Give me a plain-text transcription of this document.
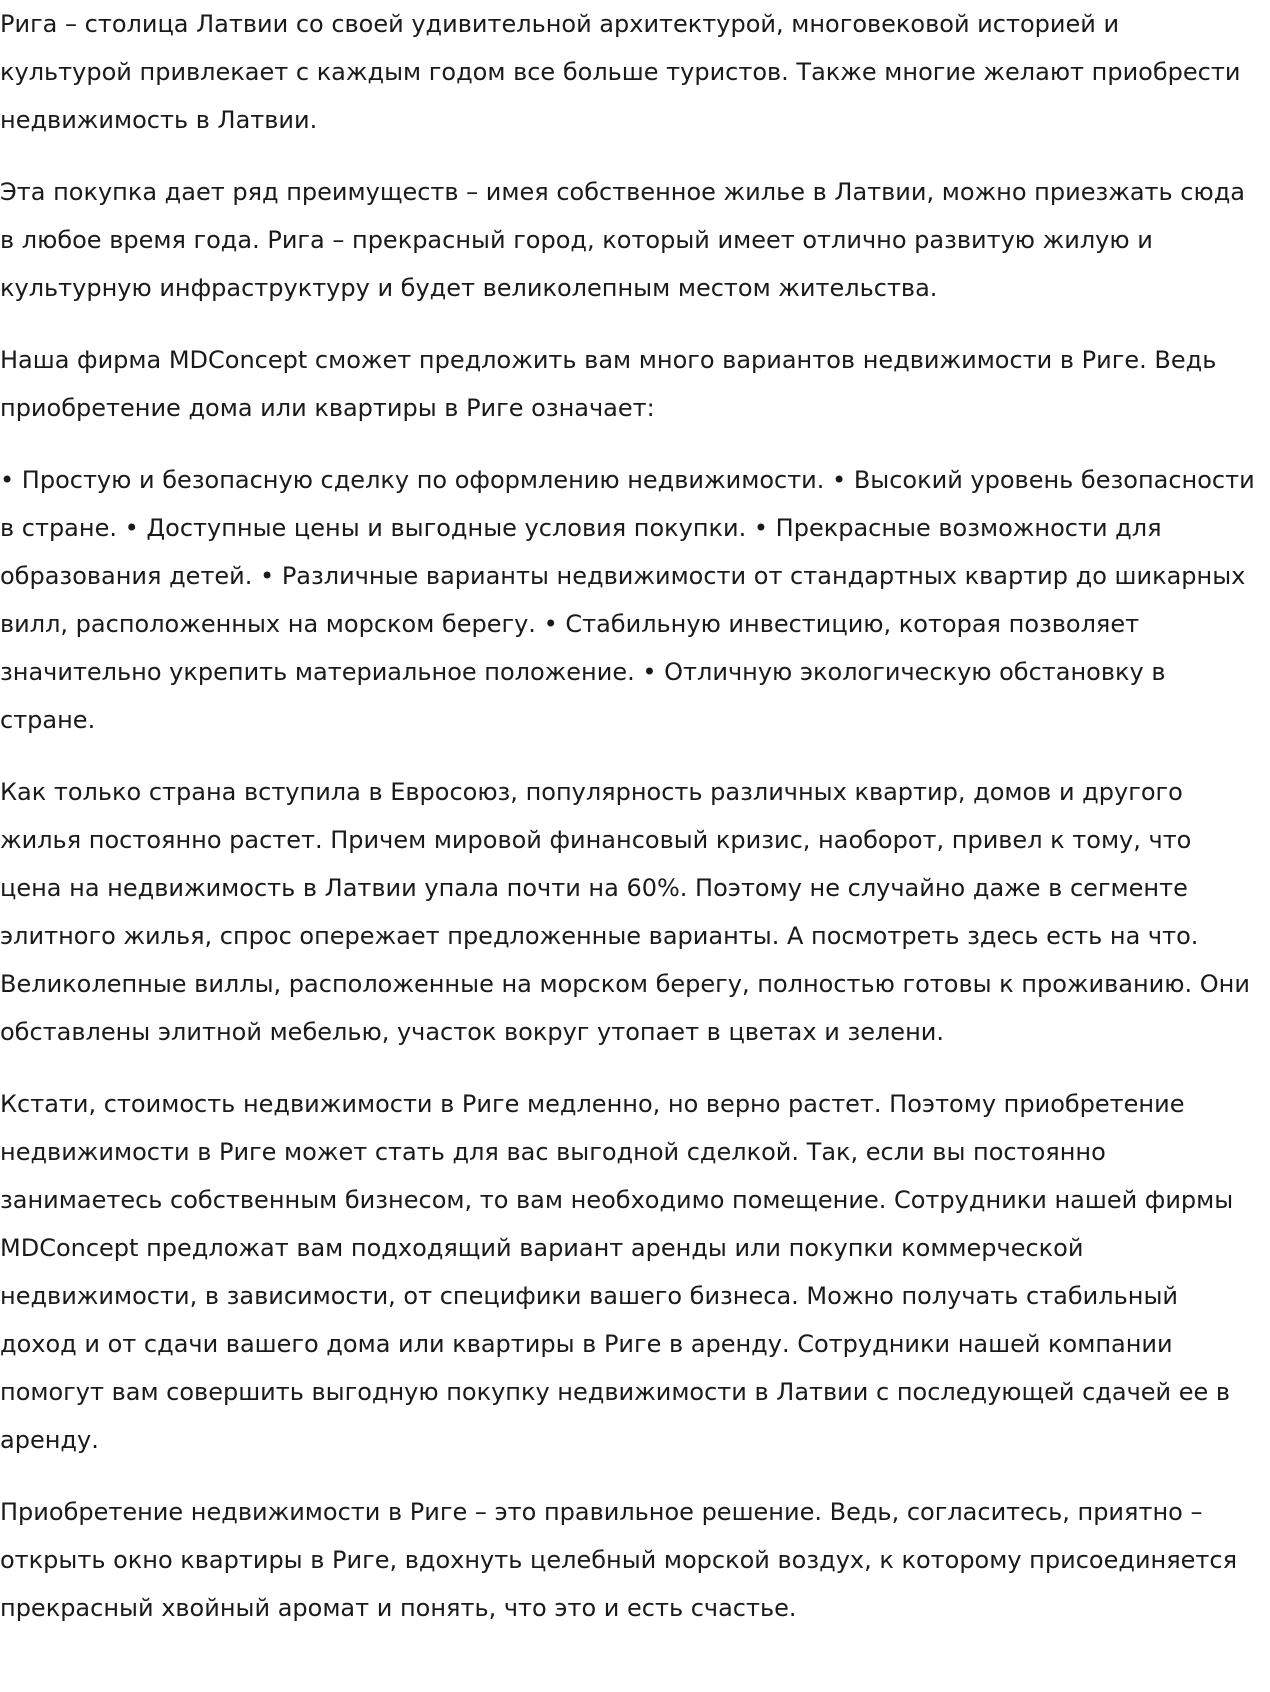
Рига – столица Латвии со своей удивительной архитектурой, многовековой историей и культурой привлекает с каждым годом все больше туристов. Также многие желают приобрести недвижимость в Латвии.

Эта покупка дает ряд преимуществ – имея собственное жилье в Латвии, можно приезжать сюда в любое время года. Рига – прекрасный город, который имеет отлично развитую жилую и культурную инфраструктуру и будет великолепным местом жительства.

Наша фирма MDConcept сможет предложить вам много вариантов недвижимости в Риге. Ведь приобретение дома или квартиры в Риге означает:

• Простую и безопасную сделку по оформлению недвижимости. • Высокий уровень безопасности в стране. • Доступные цены и выгодные условия покупки. • Прекрасные возможности для образования детей. • Различные варианты недвижимости от стандартных квартир до шикарных вилл, расположенных на морском берегу. • Стабильную инвестицию, которая позволяет значительно укрепить материальное положение. • Отличную экологическую обстановку в стране.

Как только страна вступила в Евросоюз, популярность различных квартир, домов и другого жилья постоянно растет. Причем мировой финансовый кризис, наоборот, привел к тому, что цена на недвижимость в Латвии упала почти на 60%. Поэтому не случайно даже в сегменте элитного жилья, спрос опережает предложенные варианты. А посмотреть здесь есть на что. Великолепные виллы, расположенные на морском берегу, полностью готовы к проживанию. Они обставлены элитной мебелью, участок вокруг утопает в цветах и зелени.

Кстати, стоимость недвижимости в Риге медленно, но верно растет. Поэтому приобретение недвижимости в Риге может стать для вас выгодной сделкой. Так, если вы постоянно занимаетесь собственным бизнесом, то вам необходимо помещение. Сотрудники нашей фирмы MDConcept предложат вам подходящий вариант аренды или покупки коммерческой недвижимости, в зависимости, от специфики вашего бизнеса. Можно получать стабильный доход и от сдачи вашего дома или квартиры в Риге в аренду. Сотрудники нашей компании помогут вам совершить выгодную покупку недвижимости в Латвии с последующей сдачей ее в аренду.

Приобретение недвижимости в Риге – это правильное решение. Ведь, согласитесь, приятно – открыть окно квартиры в Риге, вдохнуть целебный морской воздух, к которому присоединяется прекрасный хвойный аромат и понять, что это и есть счастье.
